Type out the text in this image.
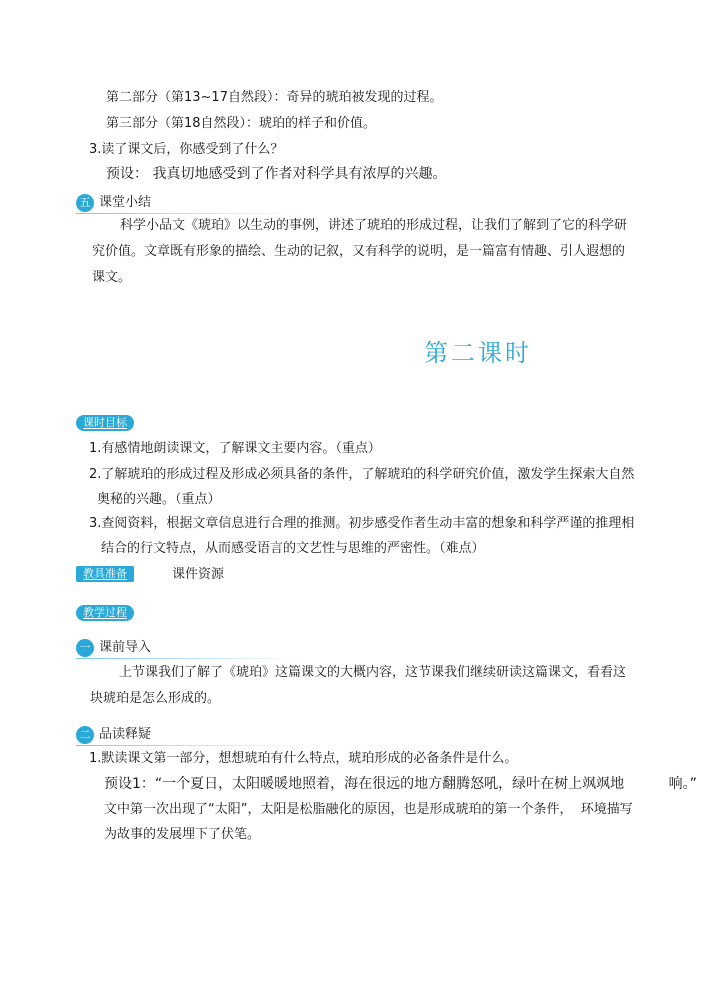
第二部分（第13~17自然段）：奇异的琥珀被发现的过程。
第三部分（第18自然段）：琥珀的样子和价值。
3.读了课文后，你感受到了什么？
预设： 我真切地感受到了作者对科学具有浓厚的兴趣。
五 课堂小结
科学小品文《琥珀》以生动的事例，讲述了琥珀的形成过程，让我们了解到了它的科学研
究价值。文章既有形象的描绘、生动的记叙，又有科学的说明，是一篇富有情趣、引人遐想的
课文。
第二课时
课时目标
1.有感情地朗读课文，了解课文主要内容。（重点）
2.了解琥珀的形成过程及形成必须具备的条件，了解琥珀的科学研究价值，激发学生探索大自然
奥秘的兴趣。（重点）
3.查阅资料，根据文章信息进行合理的推测。初步感受作者生动丰富的想象和科学严谨的推理相
结合的行文特点，从而感受语言的文艺性与思维的严密性。（难点）
教具准备	课件资源
教学过程
一 课前导入
上节课我们了解了《琥珀》这篇课文的大概内容，这节课我们继续研读这篇课文，看看这
块琥珀是怎么形成的。
二 品读释疑
1.默读课文第一部分，想想琥珀有什么特点，琥珀形成的必备条件是什么。
预设1：“一个夏日，太阳暖暖地照着，海在很远的地方翻腾怒吼，绿叶在树上飒飒地          响。”
文中第一次出现了“太阳”，太阳是松脂融化的原因，也是形成琥珀的第一个条件，  环境描写
为故事的发展埋下了伏笔。
